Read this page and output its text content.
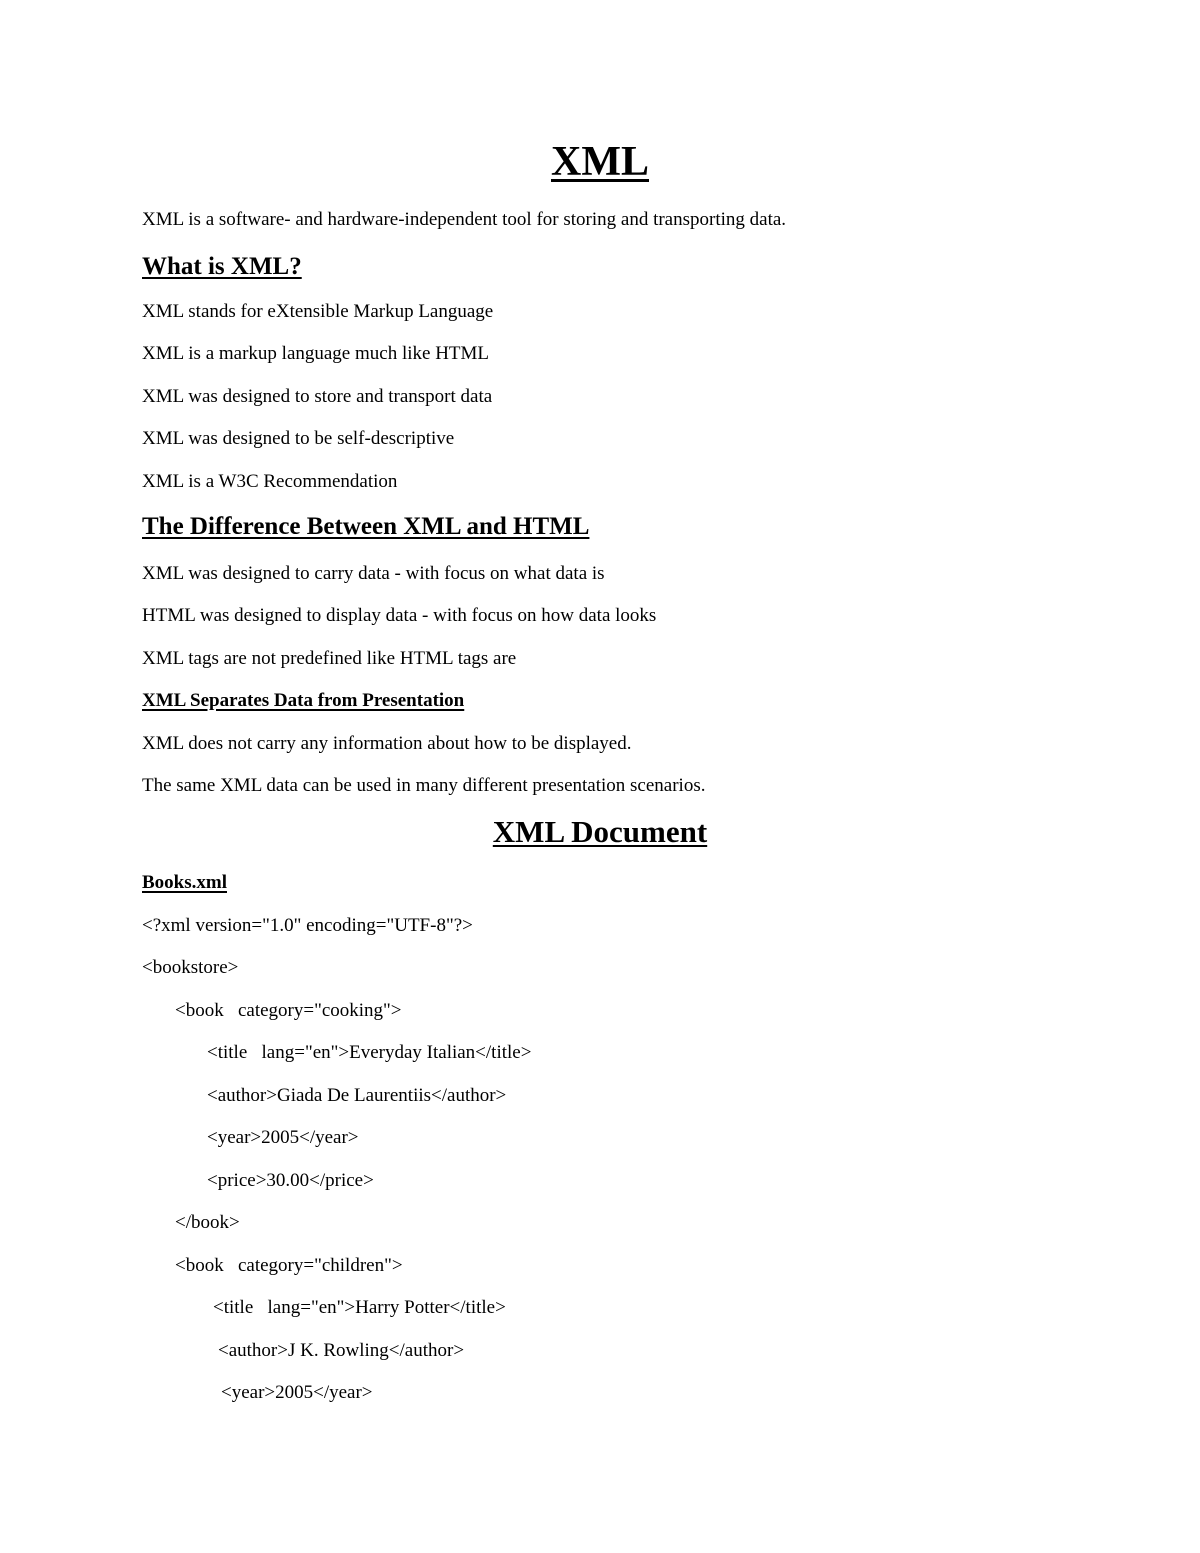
XML

XML is a software- and hardware-independent tool for storing and transporting data.

What is XML?

XML stands for eXtensible Markup Language

XML is a markup language much like HTML

XML was designed to store and transport data

XML was designed to be self-descriptive

XML is a W3C Recommendation

The Difference Between XML and HTML

XML was designed to carry data - with focus on what data is

HTML was designed to display data - with focus on how data looks

XML tags are not predefined like HTML tags are

XML Separates Data from Presentation

XML does not carry any information about how to be displayed.

The same XML data can be used in many different presentation scenarios.

XML Document
Books.xml

<?xml version="1.0" encoding="UTF-8"?>

<bookstore>

<book   category="cooking">

<title   lang="en">Everyday Italian</title>

<author>Giada De Laurentiis</author>

<year>2005</year>

<price>30.00</price>

</book>

<book   category="children">

<title   lang="en">Harry Potter</title>

<author>J K. Rowling</author>

<year>2005</year>
